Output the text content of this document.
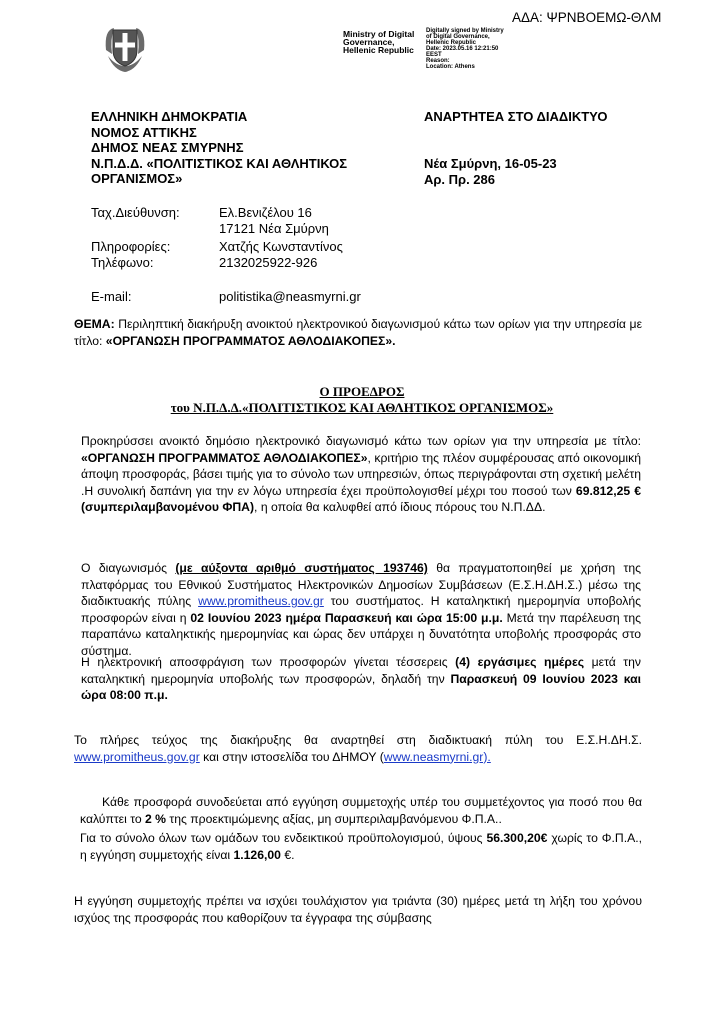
ΑΔΑ: ΨΡΝΒΟΕΜΩ-ΘΛΜ
Ministry of Digital
Governance,
Hellenic Republic
Digitally signed by Ministry
of Digital Governance,
Hellenic Republic
Date: 2023.05.16 12:21:50
EEST
Reason:
Location: Athens
ΕΛΛΗΝΙΚΗ ΔΗΜΟΚΡΑΤΙΑ
ΝΟΜΟΣ ΑΤΤΙΚΗΣ
ΔΗΜΟΣ ΝΕΑΣ ΣΜΥΡΝΗΣ
Ν.Π.Δ.Δ. «ΠΟΛΙΤΙΣΤΙΚΟΣ ΚΑΙ ΑΘΛΗΤΙΚΟΣ
ΟΡΓΑΝΙΣΜΟΣ»
ΑΝΑΡΤΗΤΕΑ ΣΤΟ ΔΙΑΔΙΚΤΥΟ
Νέα Σμύρνη, 16-05-23
Αρ. Πρ. 286
Ταχ.Διεύθυνση:	Ελ.Βενιζέλου 16
17121 Νέα Σμύρνη
Πληροφορίες:	Χατζής Κωνσταντίνος
Τηλέφωνο:	2132025922-926
E-mail:	politistika@neasmyrni.gr
ΘΕΜΑ: Περιληπτική διακήρυξη ανοικτού ηλεκτρονικού διαγωνισμού κάτω των ορίων για την υπηρεσία με τίτλο: «ΟΡΓΑΝΩΣΗ ΠΡΟΓΡΑΜΜΑΤΟΣ ΑΘΛΟΔΙΑΚΟΠΕΣ».
Ο ΠΡΟΕΔΡΟΣ
του Ν.Π.Δ.Δ.«ΠΟΛΙΤΙΣΤΙΚΟΣ ΚΑΙ ΑΘΛΗΤΙΚΟΣ ΟΡΓΑΝΙΣΜΟΣ»
Προκηρύσσει ανοικτό δημόσιο ηλεκτρονικό διαγωνισμό κάτω των ορίων για την υπηρεσία με τίτλο: «ΟΡΓΑΝΩΣΗ ΠΡΟΓΡΑΜΜΑΤΟΣ ΑΘΛΟΔΙΑΚΟΠΕΣ», κριτήριο της πλέον συμφέρουσας από οικονομική άποψη προσφοράς, βάσει τιμής για το σύνολο των υπηρεσιών, όπως περιγράφονται στη σχετική μελέτη .Η συνολική δαπάνη για την εν λόγω υπηρεσία έχει προϋπολογισθεί μέχρι του ποσού των 69.812,25 € (συμπεριλαμβανομένου ΦΠΑ), η οποία θα καλυφθεί από ίδιους πόρους του Ν.Π.ΔΔ.
Ο διαγωνισμός (με αύξοντα αριθμό συστήματος 193746) θα πραγματοποιηθεί με χρήση της πλατφόρμας του Εθνικού Συστήματος Ηλεκτρονικών Δημοσίων Συμβάσεων (Ε.Σ.Η.ΔΗ.Σ.) μέσω της διαδικτυακής πύλης www.promitheus.gov.gr του συστήματος. Η καταληκτική ημερομηνία υποβολής προσφορών είναι η 02 Ιουνίου 2023 ημέρα Παρασκευή και ώρα 15:00 μ.μ. Μετά την παρέλευση της παραπάνω καταληκτικής ημερομηνίας και ώρας δεν υπάρχει η δυνατότητα υποβολής προσφοράς στο σύστημα.
Η ηλεκτρονική αποσφράγιση των προσφορών γίνεται τέσσερεις (4) εργάσιμες ημέρες μετά την καταληκτική ημερομηνία υποβολής των προσφορών, δηλαδή την Παρασκευή 09 Ιουνίου 2023 και ώρα 08:00 π.μ.
Το πλήρες τεύχος της διακήρυξης θα αναρτηθεί στη διαδικτυακή πύλη του Ε.Σ.Η.ΔΗ.Σ. www.promitheus.gov.gr και στην ιστοσελίδα του ΔΗΜΟΥ (www.neasmyrni.gr).
Κάθε προσφορά συνοδεύεται από εγγύηση συμμετοχής υπέρ του συμμετέχοντος για ποσό που θα καλύπτει το 2 % της προεκτιμώμενης αξίας, μη συμπεριλαμβανόμενου Φ.Π.Α..
Για το σύνολο όλων των ομάδων του ενδεικτικού προϋπολογισμού, ύψους 56.300,20€ χωρίς το Φ.Π.Α., η εγγύηση συμμετοχής είναι 1.126,00 €.
Η εγγύηση συμμετοχής πρέπει να ισχύει τουλάχιστον για τριάντα (30) ημέρες μετά τη λήξη του χρόνου ισχύος της προσφοράς που καθορίζουν τα έγγραφα της σύμβασης
